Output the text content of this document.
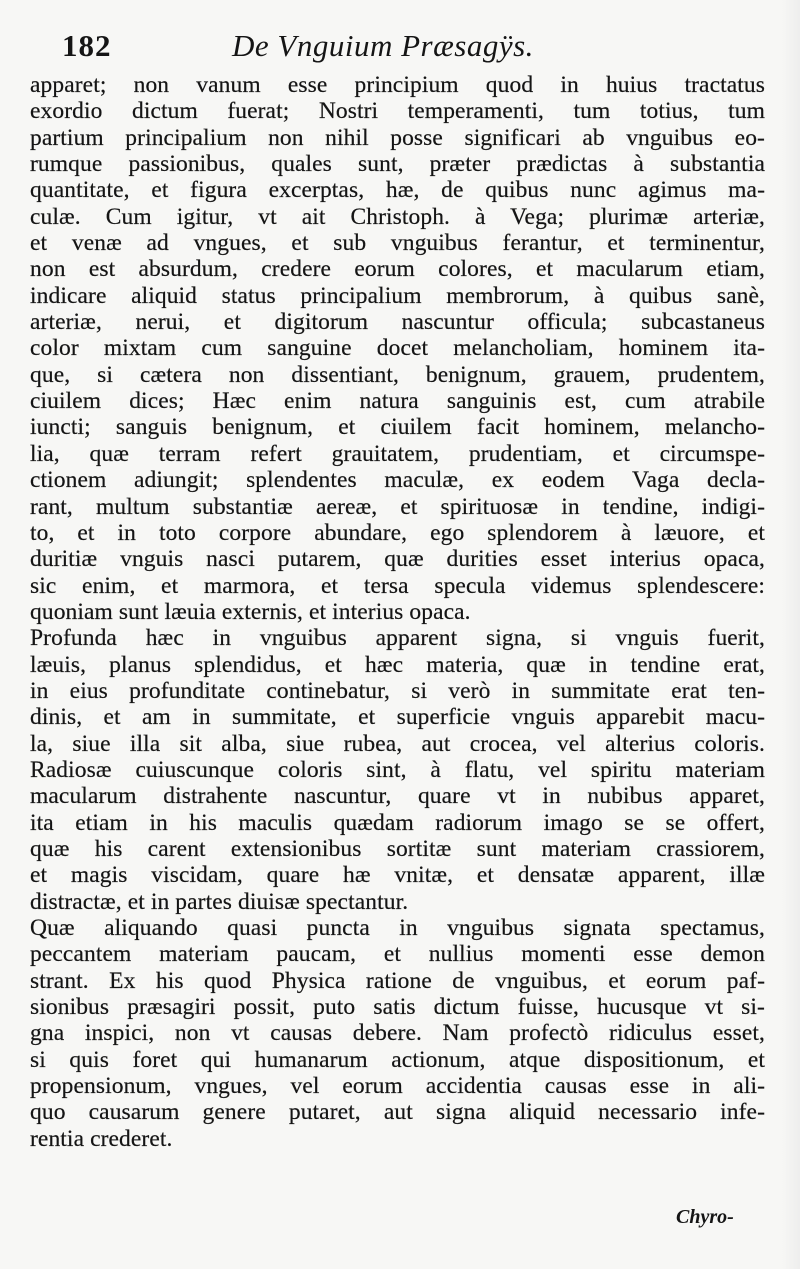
182	De Vnguium Præsagÿs.
apparet; non vanum esse principium quod in huius tractatus
exordio dictum fuerat; Nostri temperamenti, tum totius, tum
partium principalium non nihil posse significari ab vnguibus eo-
rumque passionibus, quales sunt, præter prædictas à substantia
quantitate, et figura excerptas, hæ, de quibus nunc agimus ma-
culæ. Cum igitur, vt ait Christoph. à Vega; plurimæ arteriæ,
et venæ ad vngues, et sub vnguibus ferantur, et terminentur,
non est absurdum, credere eorum colores, et macularum etiam,
indicare aliquid status principalium membrorum, à quibus sanè,
arteriæ, nerui, et digitorum nascuntur officula; subcastaneus
color mixtam cum sanguine docet melancholiam, hominem ita-
que, si cætera non dissentiant, benignum, grauem, prudentem,
ciuilem dices; Hæc enim natura sanguinis est, cum atrabile
iuncti; sanguis benignum, et ciuilem facit hominem, melancho-
lia, quæ terram refert grauitatem, prudentiam, et circumspe-
ctionem adiungit; splendentes maculæ, ex eodem Vaga decla-
rant, multum substantiæ aereæ, et spirituosæ in tendine, indigi-
to, et in toto corpore abundare, ego splendorem à læuore, et
duritiæ vnguis nasci putarem, quæ durities esset interius opaca,
sic enim, et marmora, et tersa specula videmus splendescere:
quoniam sunt læuia externis, et interius opaca.
Profunda hæc in vnguibus apparent signa, si vnguis fuerit,
læuis, planus splendidus, et hæc materia, quæ in tendine erat,
in eius profunditate continebatur, si verò in summitate erat ten-
dinis, et am in summitate, et superficie vnguis apparebit macu-
la, siue illa sit alba, siue rubea, aut crocea, vel alterius coloris.
Radiosæ cuiuscunque coloris sint, à flatu, vel spiritu materiam
macularum distrahente nascuntur, quare vt in nubibus apparet,
ita etiam in his maculis quædam radiorum imago se se offert,
quæ his carent extensionibus sortitæ sunt materiam crassiorem,
et magis viscidam, quare hæ vnitæ, et densatæ apparent, illæ
distractæ, et in partes diuisæ spectantur.
Quæ aliquando quasi puncta in vnguibus signata spectamus,
peccantem materiam paucam, et nullius momenti esse demon
strant. Ex his quod Physica ratione de vnguibus, et eorum paf-
sionibus præsagiri possit, puto satis dictum fuisse, hucusque vt si-
gna inspici, non vt causas debere. Nam profectò ridiculus esset,
si quis foret qui humanarum actionum, atque dispositionum, et
propensionum, vngues, vel eorum accidentia causas esse in ali-
quo causarum genere putaret, aut signa aliquid necessario infe-
rentia crederet.
Chyro-
